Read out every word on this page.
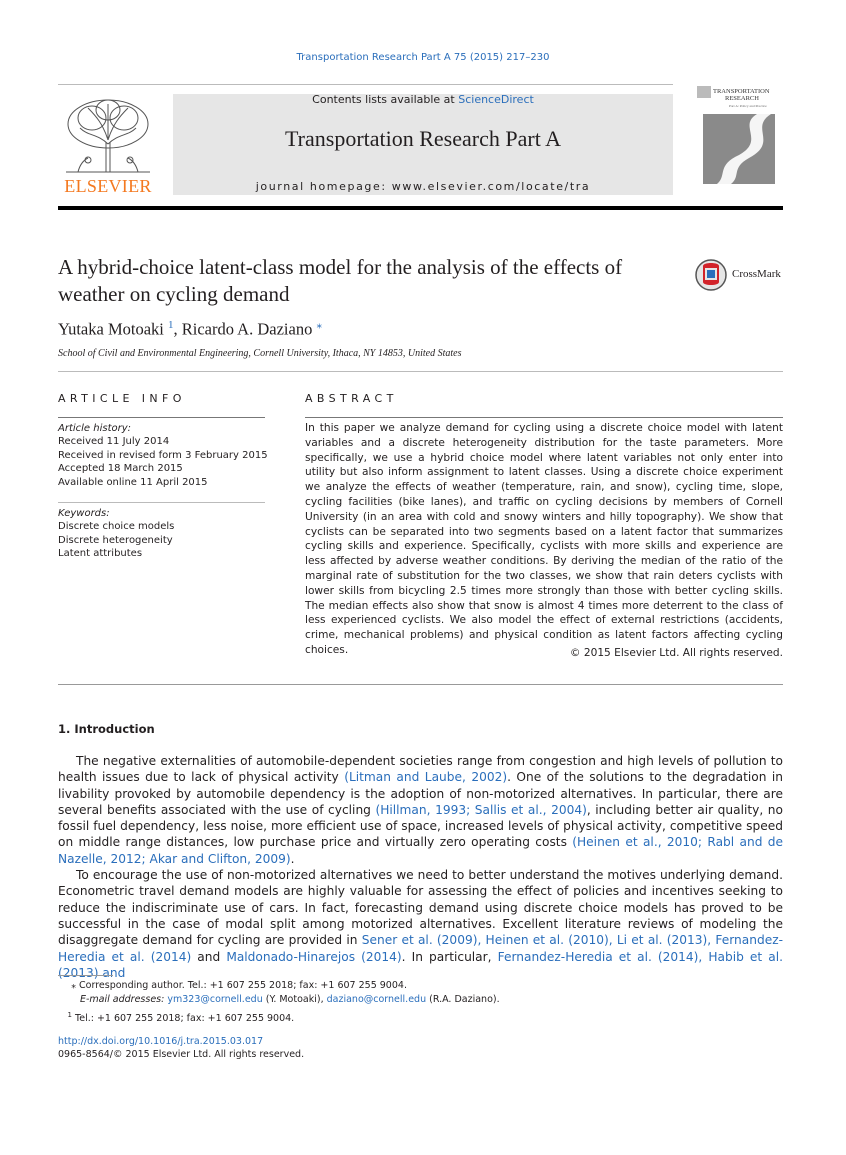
Transportation Research Part A 75 (2015) 217–230
ELSEVIER
Contents lists available at ScienceDirect
Transportation Research Part A
journal homepage: www.elsevier.com/locate/tra
TRANSPORTATION
RESEARCH
Part A: Policy and Practice
A hybrid-choice latent-class model for the analysis of the effects of weather on cycling demand
CrossMark
Yutaka Motoaki $^1$, Ricardo A. Daziano ⁎
School of Civil and Environmental Engineering, Cornell University, Ithaca, NY 14853, United States
ARTICLE INFO
Article history:
Received 11 July 2014
Received in revised form 3 February 2015
Accepted 18 March 2015
Available online 11 April 2015
Keywords:
Discrete choice models
Discrete heterogeneity
Latent attributes
ABSTRACT
In this paper we analyze demand for cycling using a discrete choice model with latent variables and a discrete heterogeneity distribution for the taste parameters. More specifically, we use a hybrid choice model where latent variables not only enter into utility but also inform assignment to latent classes. Using a discrete choice experiment we analyze the effects of weather (temperature, rain, and snow), cycling time, slope, cycling facilities (bike lanes), and traffic on cycling decisions by members of Cornell University (in an area with cold and snowy winters and hilly topography). We show that cyclists can be separated into two segments based on a latent factor that summarizes cycling skills and experience. Specifically, cyclists with more skills and experience are less affected by adverse weather conditions. By deriving the median of the ratio of the marginal rate of substitution for the two classes, we show that rain deters cyclists with lower skills from bicycling 2.5 times more strongly than those with better cycling skills. The median effects also show that snow is almost 4 times more deterrent to the class of less experienced cyclists. We also model the effect of external restrictions (accidents, crime, mechanical problems) and physical condition as latent factors affecting cycling choices.	© 2015 Elsevier Ltd. All rights reserved.
1. Introduction

The negative externalities of automobile-dependent societies range from congestion and high levels of pollution to health issues due to lack of physical activity (Litman and Laube, 2002). One of the solutions to the degradation in livability provoked by automobile dependency is the adoption of non-motorized alternatives. In particular, there are several benefits associated with the use of cycling (Hillman, 1993; Sallis et al., 2004), including better air quality, no fossil fuel dependency, less noise, more efficient use of space, increased levels of physical activity, competitive speed on middle range distances, low purchase price and virtually zero operating costs (Heinen et al., 2010; Rabl and de Nazelle, 2012; Akar and Clifton, 2009).

To encourage the use of non-motorized alternatives we need to better understand the motives underlying demand. Econometric travel demand models are highly valuable for assessing the effect of policies and incentives seeking to reduce the indiscriminate use of cars. In fact, forecasting demand using discrete choice models has proved to be successful in the case of modal split among motorized alternatives. Excellent literature reviews of modeling the disaggregate demand for cycling are provided in Sener et al. (2009), Heinen et al. (2010), Li et al. (2013), Fernandez-Heredia et al. (2014) and Maldonado-Hinarejos (2014). In particular, Fernandez-Heredia et al. (2014), Habib et al. (2013) and

⁎ Corresponding author. Tel.: +1 607 255 2018; fax: +1 607 255 9004.
E-mail addresses: ym323@cornell.edu (Y. Motoaki), daziano@cornell.edu (R.A. Daziano).
$^1$ Tel.: +1 607 255 2018; fax: +1 607 255 9004.
http://dx.doi.org/10.1016/j.tra.2015.03.017
0965-8564/© 2015 Elsevier Ltd. All rights reserved.
